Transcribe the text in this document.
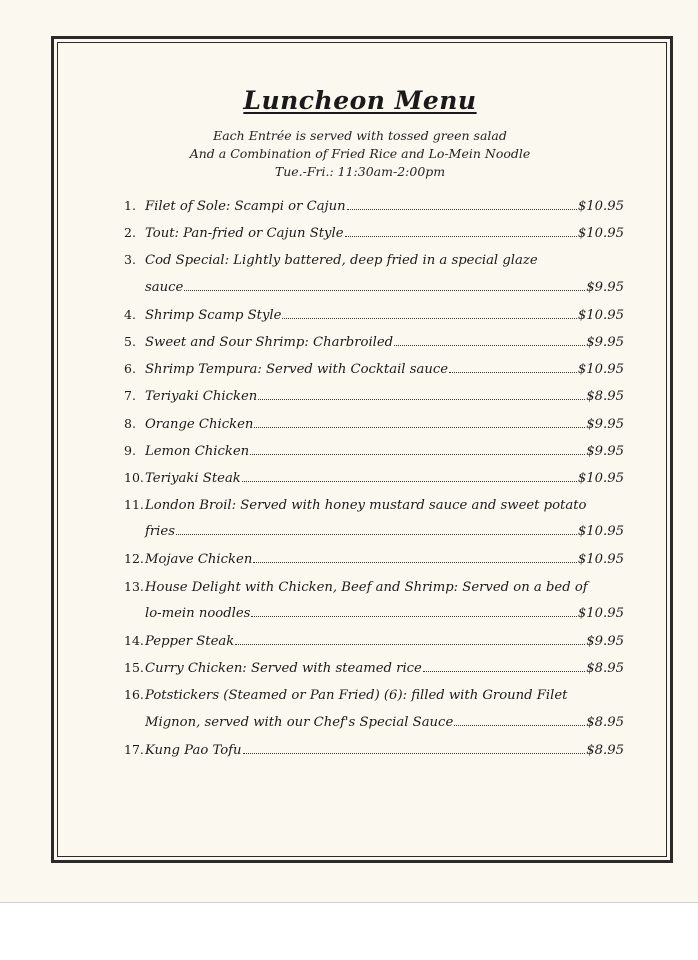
Luncheon Menu
Each Entrée is served with tossed green salad
And a Combination of Fried Rice and Lo-Mein Noodle
Tue.-Fri.: 11:30am-2:00pm
1. Filet of Sole: Scampi or Cajun	$10.95
2. Tout: Pan-fried or Cajun Style	$10.95
3. Cod Special: Lightly battered, deep fried in a special glaze
sauce	$9.95
4. Shrimp Scamp Style	$10.95
5. Sweet and Sour Shrimp: Charbroiled	$9.95
6. Shrimp Tempura: Served with Cocktail sauce	$10.95
7. Teriyaki Chicken	$8.95
8. Orange Chicken	$9.95
9. Lemon Chicken	$9.95
10. Teriyaki Steak	$10.95
11. London Broil: Served with honey mustard sauce and sweet potato
fries	$10.95
12. Mojave Chicken	$10.95
13. House Delight with Chicken, Beef and Shrimp: Served on a bed of
lo-mein noodles	$10.95
14. Pepper Steak	$9.95
15. Curry Chicken: Served with steamed rice	$8.95
16. Potstickers (Steamed or Pan Fried) (6): filled with Ground Filet
Mignon, served with our Chef's Special Sauce	$8.95
17. Kung Pao Tofu	$8.95
